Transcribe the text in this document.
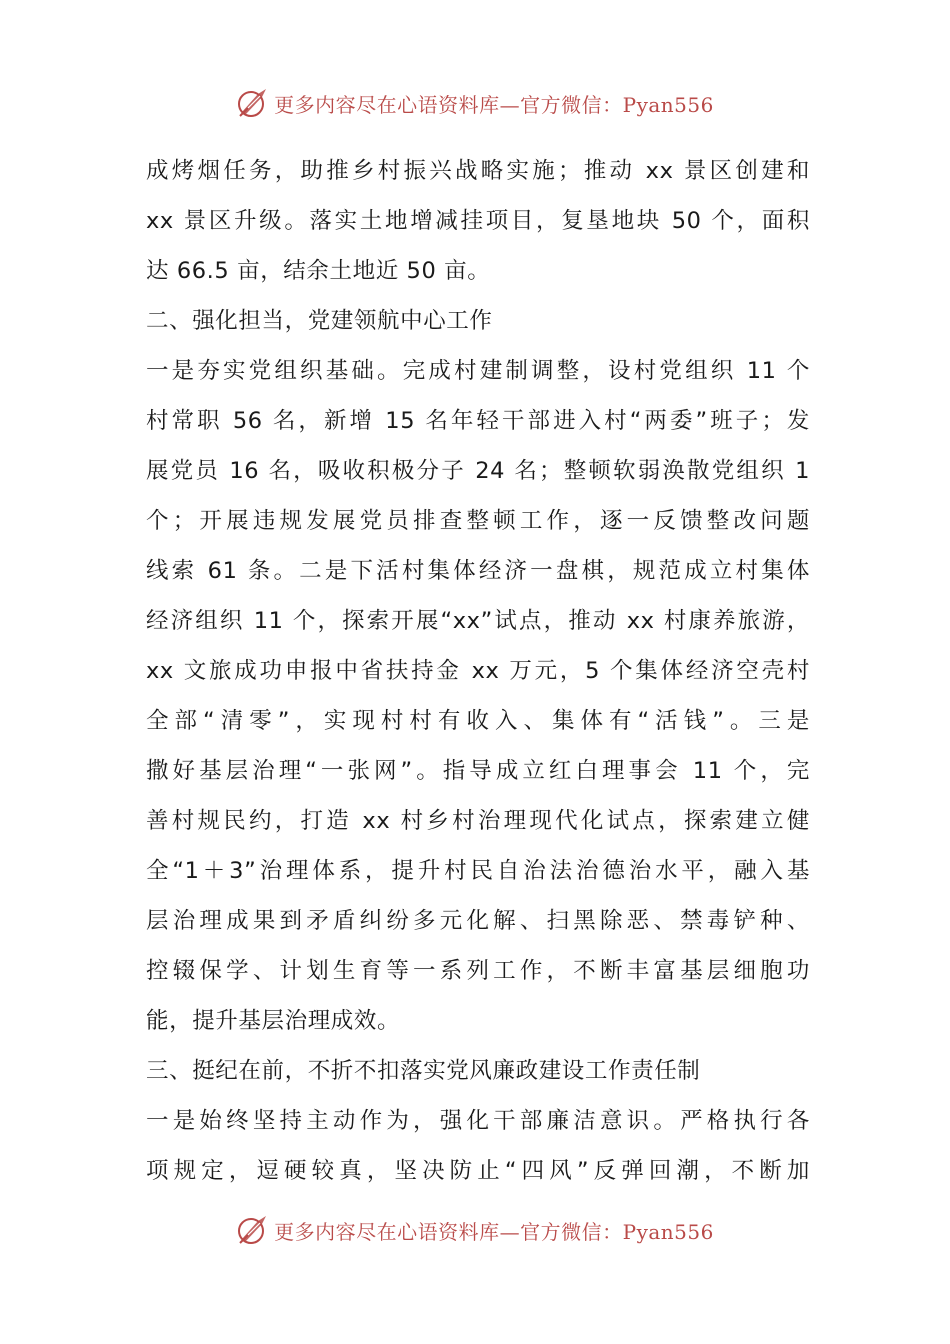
更多内容尽在心语资料库—官方微信：Pyan556
成烤烟任务，助推乡村振兴战略实施；推动 xx 景区创建和
xx 景区升级。落实土地增减挂项目，复垦地块 50 个，面积
达 66.5 亩，结余土地近 50 亩。
二、强化担当，党建领航中心工作
一是夯实党组织基础。完成村建制调整，设村党组织 11 个
村常职 56 名，新增 15 名年轻干部进入村“两委”班子；发
展党员 16 名，吸收积极分子 24 名；整顿软弱涣散党组织 1
个；开展违规发展党员排查整顿工作，逐一反馈整改问题
线索 61 条。二是下活村集体经济一盘棋，规范成立村集体
经济组织 11 个，探索开展“xx”试点，推动 xx 村康养旅游，
xx 文旅成功申报中省扶持金 xx 万元，5 个集体经济空壳村
全部“清零”，实现村村有收入、集体有“活钱”。三是
撒好基层治理“一张网”。指导成立红白理事会 11 个，完
善村规民约，打造 xx 村乡村治理现代化试点，探索建立健
全“1＋3”治理体系，提升村民自治法治德治水平，融入基
层治理成果到矛盾纠纷多元化解、扫黑除恶、禁毒铲种、
控辍保学、计划生育等一系列工作，不断丰富基层细胞功
能，提升基层治理成效。
三、挺纪在前，不折不扣落实党风廉政建设工作责任制
一是始终坚持主动作为，强化干部廉洁意识。严格执行各
项规定，逗硬较真，坚决防止“四风”反弹回潮，不断加
更多内容尽在心语资料库—官方微信：Pyan556
